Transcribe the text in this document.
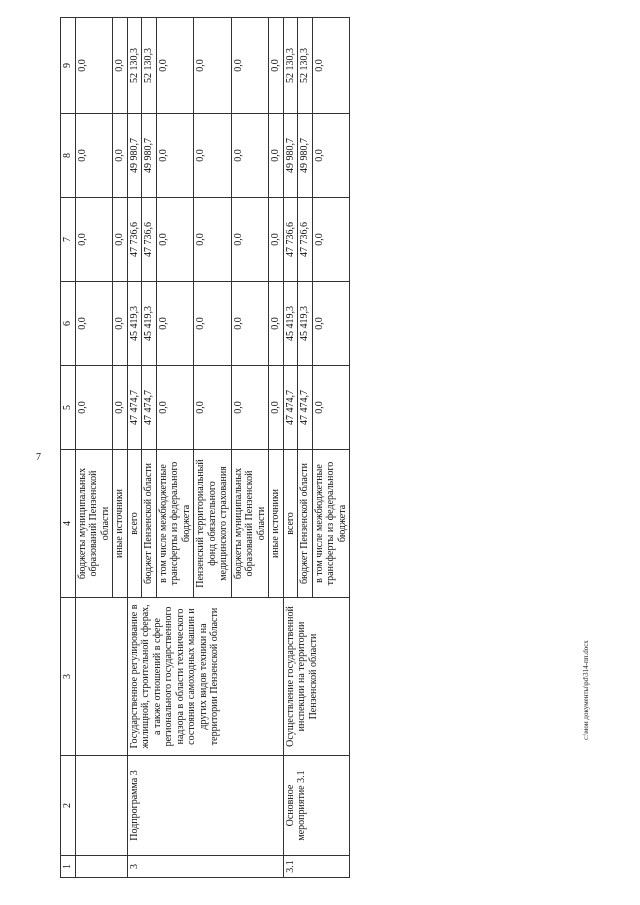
7
c:\мои документы\pd\314-пп.docx
1	2	3	4	5	6	7	8	9
			бюджеты муниципальных образований Пензенской области	0,0	0,0	0,0	0,0	0,0
			иные источники	0,0	0,0	0,0	0,0	0,0
3	Подпрограмма 3	Государственное регулирование в жилищной, строительной сферах, а также отношений в сфере регионального государственного надзора в области технического состояния самоходных машин и других видов техники на территории Пензенской области	всего	47 474,7	45 419,3	47 736,6	49 980,7	52 130,3
			бюджет Пензенской области	47 474,7	45 419,3	47 736,6	49 980,7	52 130,3
			в том числе межбюджетные трансферты из федерального бюджета	0,0	0,0	0,0	0,0	0,0
			Пензенский территориальный фонд обязательного медицинского страхования	0,0	0,0	0,0	0,0	0,0
			бюджеты муниципальных образований Пензенской области	0,0	0,0	0,0	0,0	0,0
			иные источники	0,0	0,0	0,0	0,0	0,0
3.1	Основное мероприятие 3.1	Осуществление государственной инспекции на территории Пензенской области	всего	47 474,7	45 419,3	47 736,6	49 980,7	52 130,3
			бюджет Пензенской области	47 474,7	45 419,3	47 736,6	49 980,7	52 130,3
			в том числе межбюджетные трансферты из федерального бюджета	0,0	0,0	0,0	0,0	0,0
